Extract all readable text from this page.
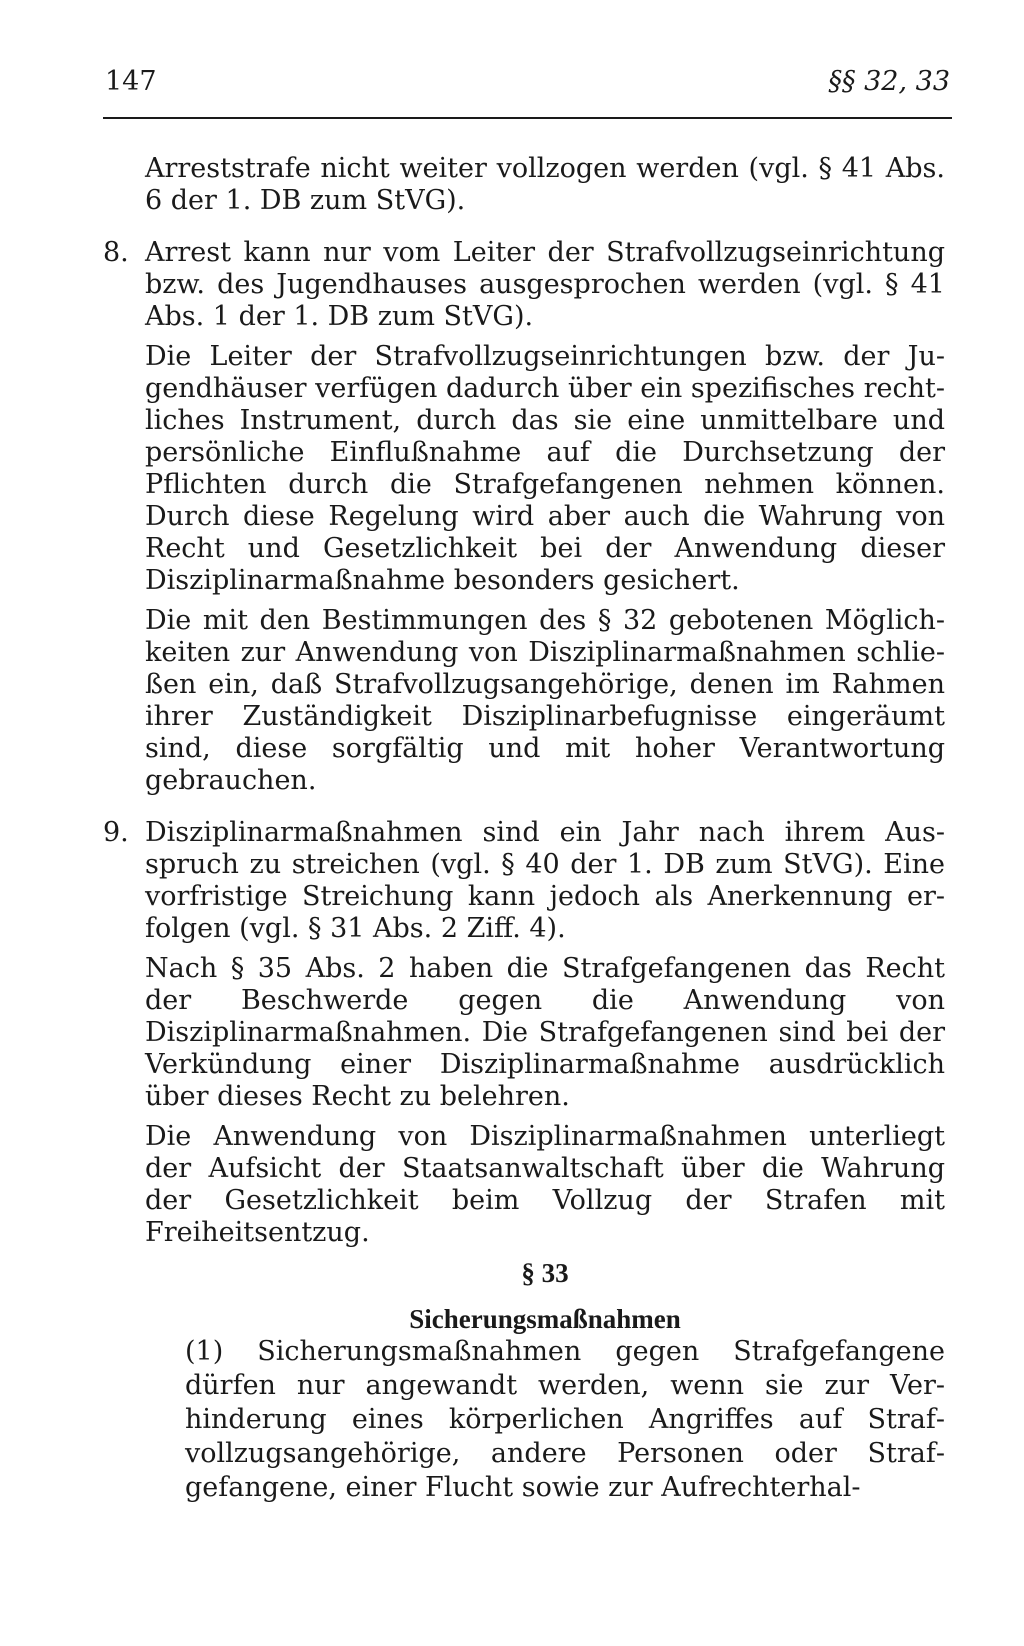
147	§§ 32, 33

Arreststrafe nicht weiter vollzogen werden (vgl. § 41 Abs. 6 der 1. DB zum StVG).

8. Arrest kann nur vom Leiter der Strafvollzugseinrichtung bzw. des Jugendhauses ausgesprochen werden (vgl. § 41 Abs. 1 der 1. DB zum StVG).

Die Leiter der Strafvollzugseinrichtungen bzw. der Jugendhäuser verfügen dadurch über ein spezifisches rechtliches Instrument, durch das sie eine unmittelbare und persönliche Einflußnahme auf die Durchsetzung der Pflichten durch die Strafgefangenen nehmen können. Durch diese Regelung wird aber auch die Wahrung von Recht und Gesetzlichkeit bei der Anwendung dieser Disziplinarmaßnahme besonders gesichert.

Die mit den Bestimmungen des § 32 gebotenen Möglichkeiten zur Anwendung von Disziplinarmaßnahmen schließen ein, daß Strafvollzugsangehörige, denen im Rahmen ihrer Zuständigkeit Disziplinarbefugnisse eingeräumt sind, diese sorgfältig und mit hoher Verantwortung gebrauchen.

9. Disziplinarmaßnahmen sind ein Jahr nach ihrem Ausspruch zu streichen (vgl. § 40 der 1. DB zum StVG). Eine vorfristige Streichung kann jedoch als Anerkennung erfolgen (vgl. § 31 Abs. 2 Ziff. 4).

Nach § 35 Abs. 2 haben die Strafgefangenen das Recht der Beschwerde gegen die Anwendung von Disziplinarmaßnahmen. Die Strafgefangenen sind bei der Verkündung einer Disziplinarmaßnahme ausdrücklich über dieses Recht zu belehren.

Die Anwendung von Disziplinarmaßnahmen unterliegt der Aufsicht der Staatsanwaltschaft über die Wahrung der Gesetzlichkeit beim Vollzug der Strafen mit Freiheitsentzug.

§ 33
Sicherungsmaßnahmen

(1) Sicherungsmaßnahmen gegen Strafgefangene dürfen nur angewandt werden, wenn sie zur Verhinderung eines körperlichen Angriffes auf Strafvollzugsangehörige, andere Personen oder Strafgefangene, einer Flucht sowie zur Aufrechterhal-
